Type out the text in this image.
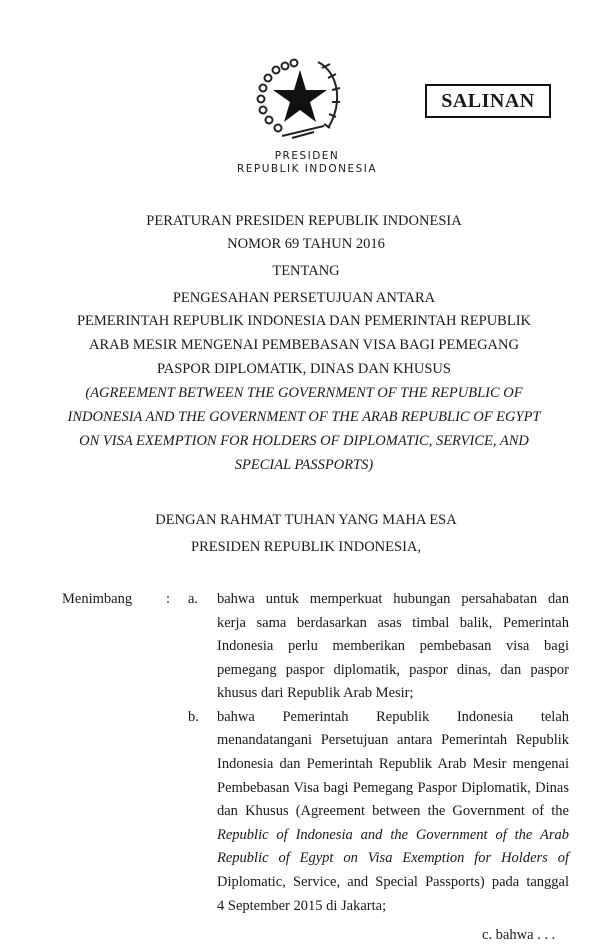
SALINAN
PRESIDEN
REPUBLIK INDONESIA
PERATURAN PRESIDEN REPUBLIK INDONESIA
NOMOR 69 TAHUN 2016
TENTANG
PENGESAHAN PERSETUJUAN ANTARA
PEMERINTAH REPUBLIK INDONESIA DAN PEMERINTAH REPUBLIK
ARAB MESIR MENGENAI PEMBEBASAN VISA BAGI PEMEGANG
PASPOR DIPLOMATIK, DINAS DAN KHUSUS
(AGREEMENT BETWEEN THE GOVERNMENT OF THE REPUBLIC OF
INDONESIA AND THE GOVERNMENT OF THE ARAB REPUBLIC OF EGYPT
ON VISA EXEMPTION FOR HOLDERS OF DIPLOMATIC, SERVICE, AND
SPECIAL PASSPORTS)
DENGAN RAHMAT TUHAN YANG MAHA ESA
PRESIDEN REPUBLIK INDONESIA,
Menimbang : a. bahwa untuk memperkuat hubungan persahabatan dan
kerja sama berdasarkan asas timbal balik, Pemerintah
Indonesia perlu memberikan pembebasan visa bagi
pemegang paspor diplomatik, paspor dinas, dan paspor
khusus dari Republik Arab Mesir;
b. bahwa Pemerintah Republik Indonesia telah
menandatangani Persetujuan antara Pemerintah Republik
Indonesia dan Pemerintah Republik Arab Mesir mengenai
Pembebasan Visa bagi Pemegang Paspor Diplomatik, Dinas
dan Khusus (Agreement between the Government of the
Republic of Indonesia and the Government of the Arab
Republic of Egypt on Visa Exemption for Holders of
Diplomatic, Service, and Special Passports) pada tanggal
4 September 2015 di Jakarta;
c. bahwa . . .
